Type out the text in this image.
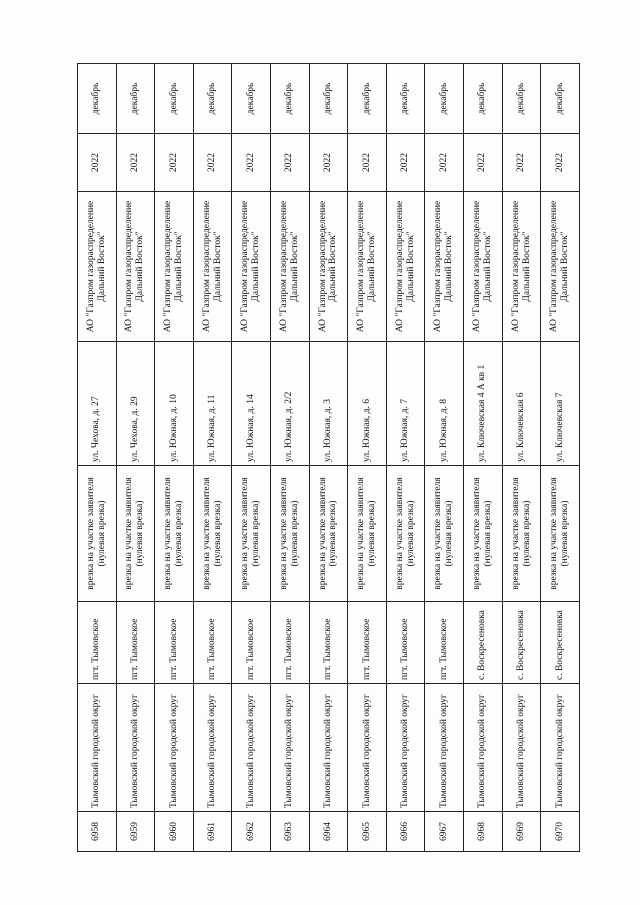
6958	Тымовский городской округ	пгт. Тымовское	врезка на участке заявителя (нулевая врезка)	ул. Чехова, д. 27	АО "Газпром газораспределение Дальний Восток"	2022	декабрь
6959	Тымовский городской округ	пгт. Тымовское	врезка на участке заявителя (нулевая врезка)	ул. Чехова, д. 29	АО "Газпром газораспределение Дальний Восток"	2022	декабрь
6960	Тымовский городской округ	пгт. Тымовское	врезка на участке заявителя (нулевая врезка)	ул. Южная, д. 10	АО "Газпром газораспределение Дальний Восток"	2022	декабрь
6961	Тымовский городской округ	пгт. Тымовское	врезка на участке заявителя (нулевая врезка)	ул. Южная, д. 11	АО "Газпром газораспределение Дальний Восток"	2022	декабрь
6962	Тымовский городской округ	пгт. Тымовское	врезка на участке заявителя (нулевая врезка)	ул. Южная, д. 14	АО "Газпром газораспределение Дальний Восток"	2022	декабрь
6963	Тымовский городской округ	пгт. Тымовское	врезка на участке заявителя (нулевая врезка)	ул. Южная, д. 2/2	АО "Газпром газораспределение Дальний Восток"	2022	декабрь
6964	Тымовский городской округ	пгт. Тымовское	врезка на участке заявителя (нулевая врезка)	ул. Южная, д. 3	АО "Газпром газораспределение Дальний Восток"	2022	декабрь
6965	Тымовский городской округ	пгт. Тымовское	врезка на участке заявителя (нулевая врезка)	ул. Южная, д. 6	АО "Газпром газораспределение Дальний Восток"	2022	декабрь
6966	Тымовский городской округ	пгт. Тымовское	врезка на участке заявителя (нулевая врезка)	ул. Южная, д. 7	АО "Газпром газораспределение Дальний Восток"	2022	декабрь
6967	Тымовский городской округ	пгт. Тымовское	врезка на участке заявителя (нулевая врезка)	ул. Южная, д. 8	АО "Газпром газораспределение Дальний Восток"	2022	декабрь
6968	Тымовский городской округ	с. Воскресеновка	врезка на участке заявителя (нулевая врезка)	ул. Ключевская 4 А кв 1	АО "Газпром газораспределение Дальний Восток"	2022	декабрь
6969	Тымовский городской округ	с. Воскресеновка	врезка на участке заявителя (нулевая врезка)	ул. Ключевская 6	АО "Газпром газораспределение Дальний Восток"	2022	декабрь
6970	Тымовский городской округ	с. Воскресеновка	врезка на участке заявителя (нулевая врезка)	ул. Ключевская 7	АО "Газпром газораспределение Дальний Восток"	2022	декабрь
